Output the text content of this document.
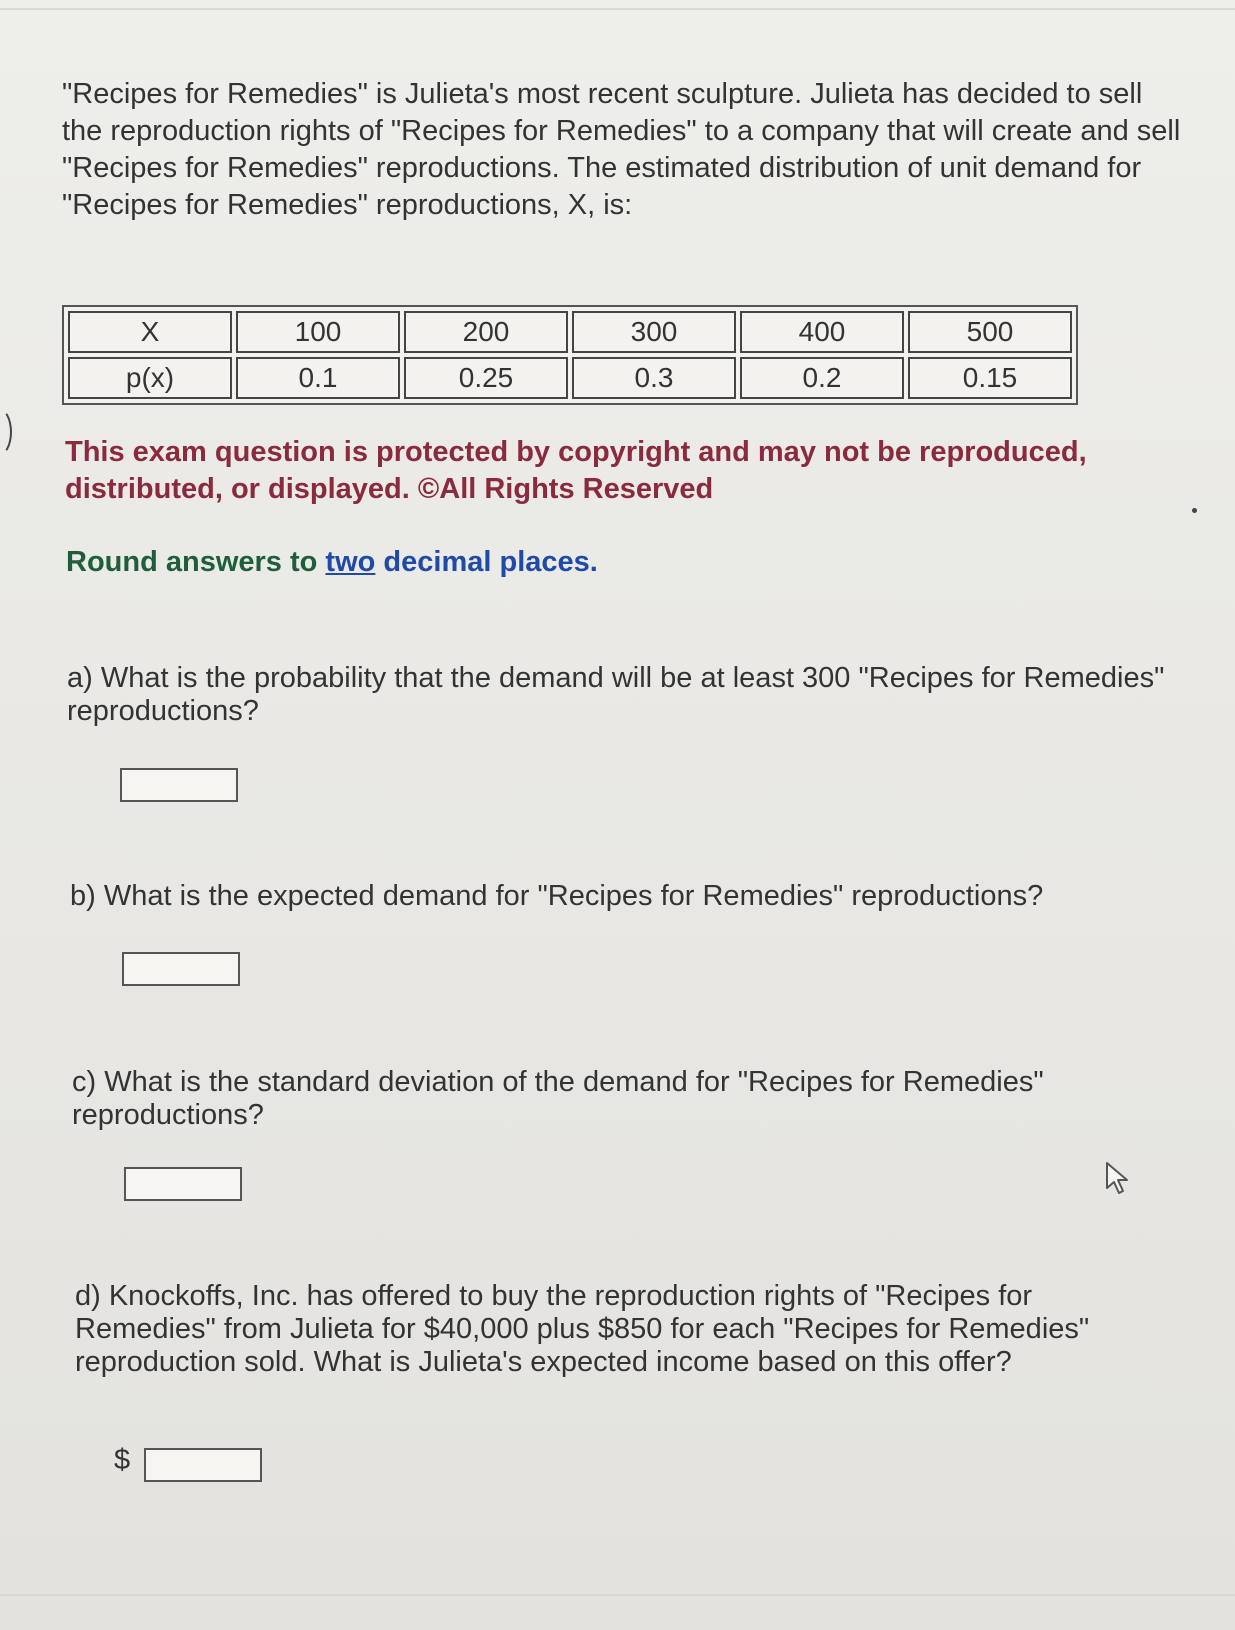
"Recipes for Remedies" is Julieta's most recent sculpture. Julieta has decided to sell the reproduction rights of "Recipes for Remedies" to a company that will create and sell "Recipes for Remedies" reproductions. The estimated distribution of unit demand for "Recipes for Remedies" reproductions, X, is:
X	100	200	300	400	500
p(x)	0.1	0.25	0.3	0.2	0.15
This exam question is protected by copyright and may not be reproduced, distributed, or displayed. ©All Rights Reserved
Round answers to two decimal places.
a) What is the probability that the demand will be at least 300 "Recipes for Remedies" reproductions?
b) What is the expected demand for "Recipes for Remedies" reproductions?
c) What is the standard deviation of the demand for "Recipes for Remedies" reproductions?
d) Knockoffs, Inc. has offered to buy the reproduction rights of "Recipes for Remedies" from Julieta for $40,000 plus $850 for each "Recipes for Remedies" reproduction sold. What is Julieta's expected income based on this offer?
$
